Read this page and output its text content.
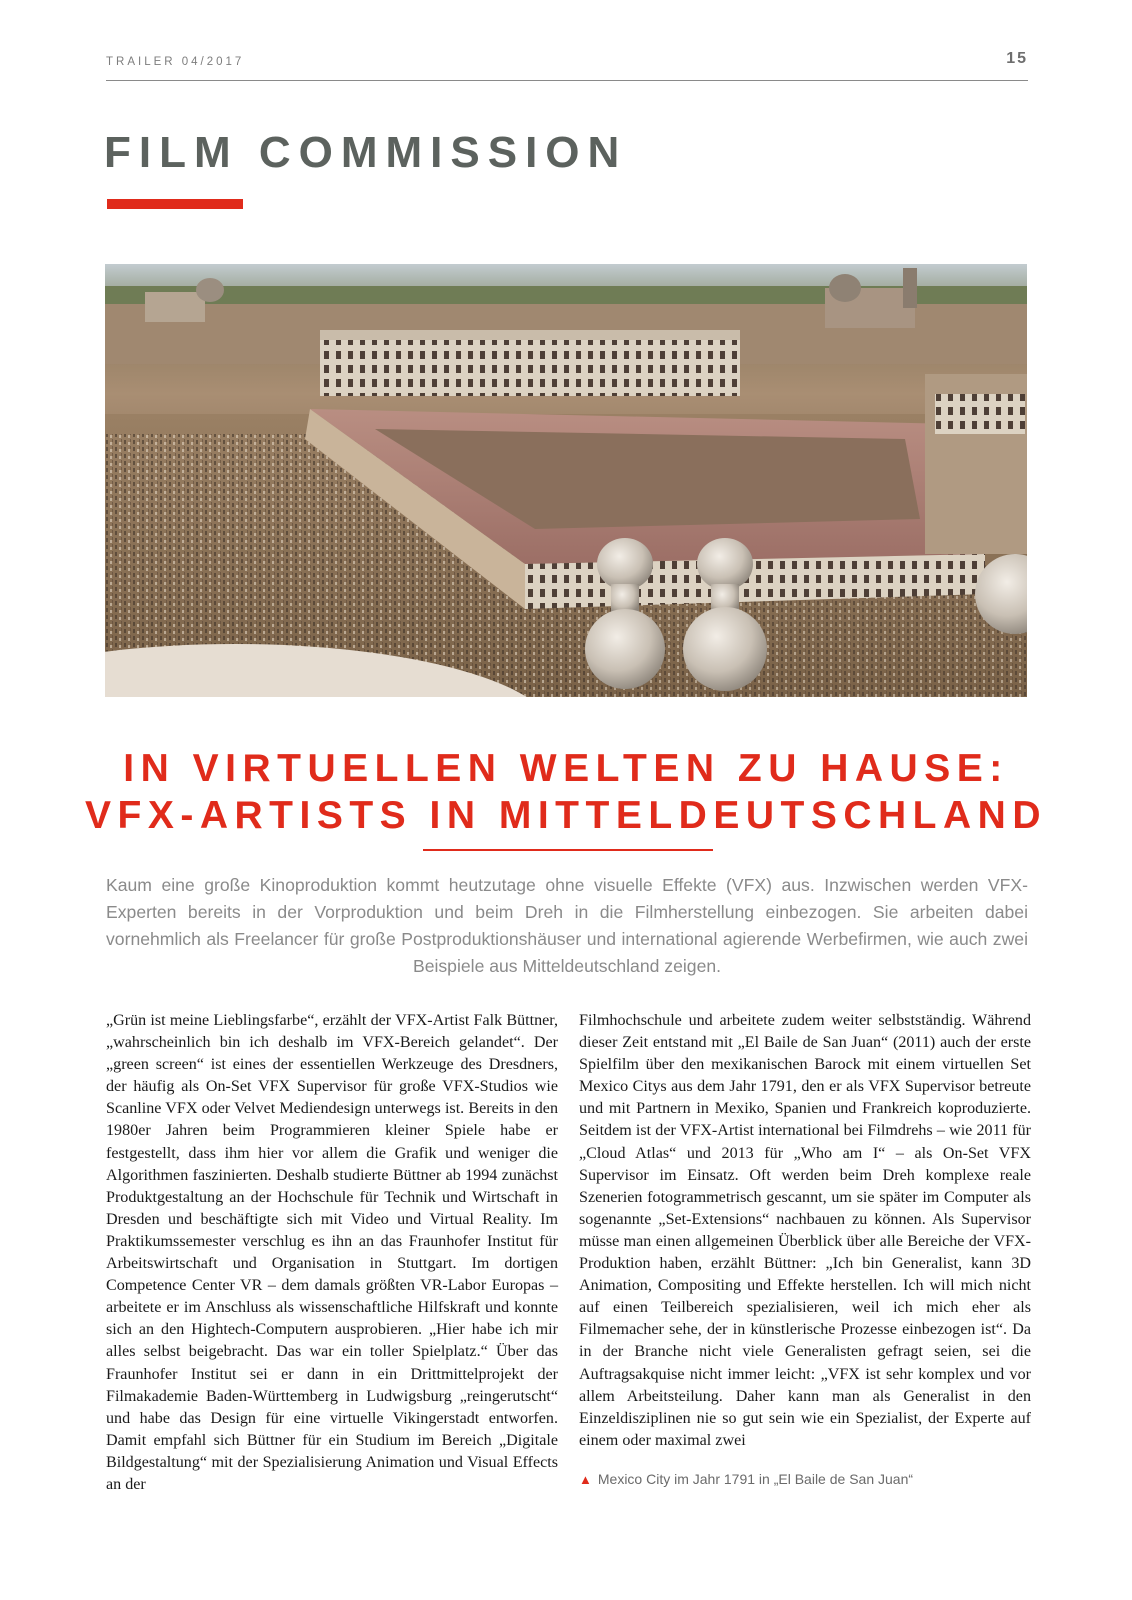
TRAILER 04/2017	15
FILM COMMISSION
IN VIRTUELLEN WELTEN ZU HAUSE:
VFX-ARTISTS IN MITTELDEUTSCHLAND

Kaum eine große Kinoproduktion kommt heutzutage ohne visuelle Effekte (VFX) aus. Inzwischen werden VFX-Experten bereits in der Vorproduktion und beim Dreh in die Filmherstellung einbezogen. Sie arbeiten dabei vornehmlich als Freelancer für große Postproduktionshäuser und international agierende Werbefirmen, wie auch zwei Beispiele aus Mitteldeutschland zeigen.

„Grün ist meine Lieblingsfarbe“, erzählt der VFX-Artist Falk Büttner, „wahrscheinlich bin ich deshalb im VFX-Bereich gelandet“. Der „green screen“ ist eines der essentiellen Werkzeuge des Dresdners, der häufig als On-Set VFX Supervisor für große VFX-Studios wie Scanline VFX oder Velvet Mediendesign unterwegs ist. Bereits in den 1980er Jahren beim Programmieren kleiner Spiele habe er festgestellt, dass ihm hier vor allem die Grafik und weniger die Algorithmen faszinierten. Deshalb studierte Büttner ab 1994 zunächst Produktgestaltung an der Hochschule für Technik und Wirtschaft in Dresden und beschäftigte sich mit Video und Virtual Reality. Im Praktikumssemester verschlug es ihn an das Fraunhofer Institut für Arbeitswirtschaft und Organisation in Stuttgart. Im dortigen Competence Center VR – dem damals größten VR-Labor Europas – arbeitete er im Anschluss als wissenschaftliche Hilfskraft und konnte sich an den Hightech-Computern ausprobieren. „Hier habe ich mir alles selbst beigebracht. Das war ein toller Spielplatz.“ Über das Fraunhofer Institut sei er dann in ein Drittmittelprojekt der Filmakademie Baden-Württemberg in Ludwigsburg „reingerutscht“ und habe das Design für eine virtuelle Vikingerstadt entworfen. Damit empfahl sich Büttner für ein Studium im Bereich „Digitale Bildgestaltung“ mit der Spezialisierung Animation und Visual Effects an der

Filmhochschule und arbeitete zudem weiter selbstständig. Während dieser Zeit entstand mit „El Baile de San Juan“ (2011) auch der erste Spielfilm über den mexikanischen Barock mit einem virtuellen Set Mexico Citys aus dem Jahr 1791, den er als VFX Supervisor betreute und mit Partnern in Mexiko, Spanien und Frankreich koproduzierte. Seitdem ist der VFX-Artist international bei Filmdrehs – wie 2011 für „Cloud Atlas“ und 2013 für „Who am I“ – als On-Set VFX Supervisor im Einsatz. Oft werden beim Dreh komplexe reale Szenerien fotogrammetrisch gescannt, um sie später im Computer als sogenannte „Set-Extensions“ nachbauen zu können. Als Supervisor müsse man einen allgemeinen Überblick über alle Bereiche der VFX-Produktion haben, erzählt Büttner: „Ich bin Generalist, kann 3D Animation, Compositing und Effekte herstellen. Ich will mich nicht auf einen Teilbereich spezialisieren, weil ich mich eher als Filmemacher sehe, der in künstlerische Prozesse einbezogen ist“. Da in der Branche nicht viele Generalisten gefragt seien, sei die Auftragsakquise nicht immer leicht: „VFX ist sehr komplex und vor allem Arbeitsteilung. Daher kann man als Generalist in den Einzeldisziplinen nie so gut sein wie ein Spezialist, der Experte auf einem oder maximal zwei

▲ Mexico City im Jahr 1791 in „El Baile de San Juan“
